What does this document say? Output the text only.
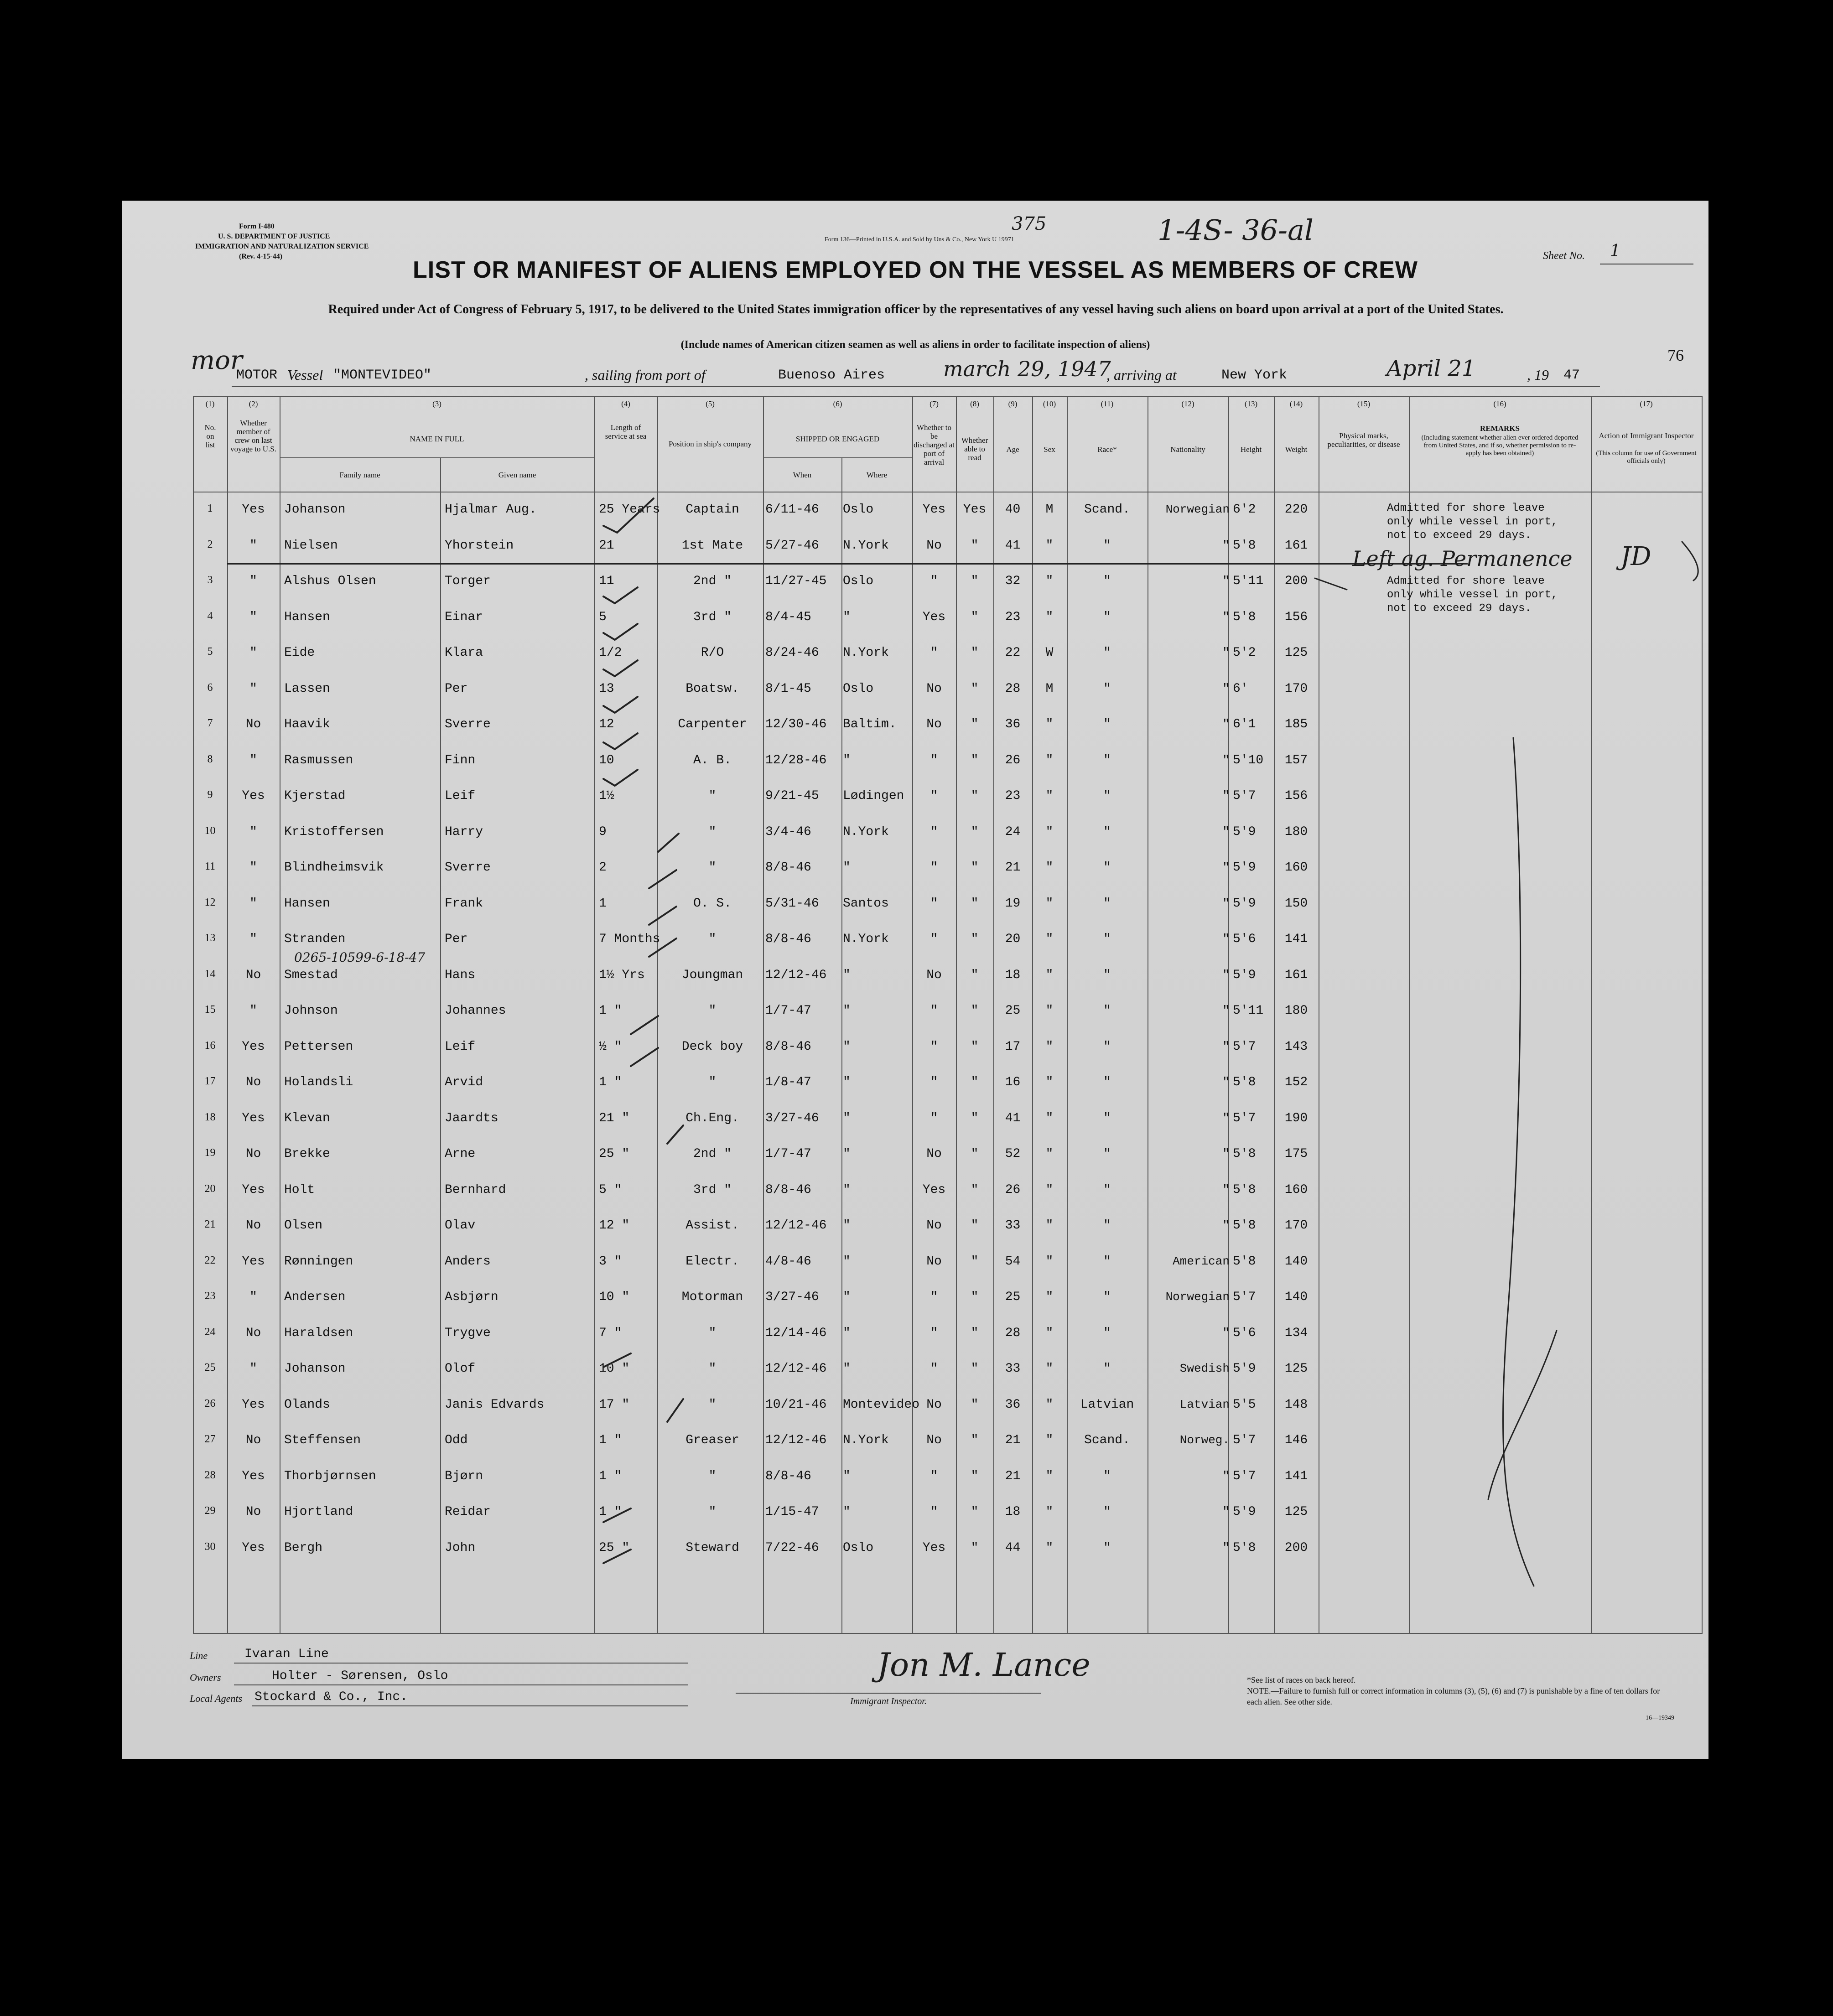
Form I-480
U. S. DEPARTMENT OF JUSTICE
IMMIGRATION AND NATURALIZATION SERVICE
(Rev. 4-15-44)
Form 136—Printed in U.S.A. and Sold by Uns & Co., New York U 19971
375	1-4S- 36-al
Sheet No. 1
LIST OR MANIFEST OF ALIENS EMPLOYED ON THE VESSEL AS MEMBERS OF CREW
Required under Act of Congress of February 5, 1917, to be delivered to the United States immigration officer by the representatives of any vessel having such aliens on board upon arrival at a port of the United States.
(Include names of American citizen seamen as well as aliens in order to facilitate inspection of aliens)
mor	76
MOTOR Vessel "MONTEVIDEO"	, sailing from port of	Buenoso Aires	march 29, 1947
, arriving at	New York	April 21	, 19 47
(1)	(2)	(3)	(4)	(5)	(6)	(7)	(8)	(9)	(10)	(11)	(12)	(13)	(14)	(15)	(16)	(17)
No. on list
Whether member of crew on last voyage to U.S.
NAME IN FULL
Family name	Given name
Length of service at sea
Position in ship's company
SHIPPED OR ENGAGED
When	Where
Whether to be discharged at port of arrival
Whether able to read
Age	Sex	Race*	Nationality	Height	Weight
Physical marks, peculiarities, or disease
REMARKS
(Including statement whether alien ever ordered deported from United States, and if so, whether permission to re-apply has been obtained)
Action of Immigrant Inspector
(This column for use of Government officials only)
1	Yes	Johanson	Hjalmar Aug.	25 Years	Captain	6/11-46	Oslo	Yes	Yes	40	M	Scand.	Norwegian 6'2	220
2	"	Nielsen	Yhorstein	21	1st Mate	5/27-46	N.York	No	"	41	"	"	" 5'8	161
3	"	Alshus Olsen	Torger	11	2nd "	11/27-45	Oslo	"	"	32	"	"	" 5'11	200
4	"	Hansen	Einar	5	3rd "	8/4-45	"	Yes	"	23	"	"	" 5'8	156
5	"	Eide	Klara	1/2	R/O	8/24-46	N.York	"	"	22	W	"	" 5'2	125
6	"	Lassen	Per	13	Boatsw.	8/1-45	Oslo	No	"	28	M	"	" 6'	170
7	No	Haavik	Sverre	12	Carpenter	12/30-46	Baltim.	No	"	36	"	"	" 6'1	185
8	"	Rasmussen	Finn	10	A. B.	12/28-46	"	"	"	26	"	"	" 5'10	157
9	Yes	Kjerstad	Leif	1½	"	9/21-45	Lødingen	"	"	23	"	"	" 5'7	156
10	"	Kristoffersen	Harry	9	"	3/4-46	N.York	"	"	24	"	"	" 5'9	180
11	"	Blindheimsvik	Sverre	2	"	8/8-46	"	"	"	21	"	"	" 5'9	160
12	"	Hansen	Frank	1	O. S.	5/31-46	Santos	"	"	19	"	"	" 5'9	150
13	"	Stranden	Per	7 Months	"	8/8-46	N.York	"	"	20	"	"	" 5'6	141
14	No	Smestad	Hans	1½ Yrs	Joungman	12/12-46	"	No	"	18	"	"	" 5'9	161
15	"	Johnson	Johannes	1 "	"	1/7-47	"	"	"	25	"	"	" 5'11	180
16	Yes	Pettersen	Leif	½ "	Deck boy	8/8-46	"	"	"	17	"	"	" 5'7	143
17	No	Holandsli	Arvid	1 "	"	1/8-47	"	"	"	16	"	"	" 5'8	152
18	Yes	Klevan	Jaardts	21 "	Ch.Eng.	3/27-46	"	"	"	41	"	"	" 5'7	190
19	No	Brekke	Arne	25 "	2nd "	1/7-47	"	No	"	52	"	"	" 5'8	175
20	Yes	Holt	Bernhard	5 "	3rd "	8/8-46	"	Yes	"	26	"	"	" 5'8	160
21	No	Olsen	Olav	12 "	Assist.	12/12-46	"	No	"	33	"	"	" 5'8	170
22	Yes	Rønningen	Anders	3 "	Electr.	4/8-46	"	No	"	54	"	"	American 5'8	140
23	"	Andersen	Asbjørn	10 "	Motorman	3/27-46	"	"	"	25	"	"	Norwegian 5'7	140
24	No	Haraldsen	Trygve	7 "	"	12/14-46	"	"	"	28	"	"	" 5'6	134
25	"	Johanson	Olof	10 "	"	12/12-46	"	"	"	33	"	"	Swedish 5'9	125
26	Yes	Olands	Janis Edvards	17 "	"	10/21-46	Montevideo No	"	36	"	Latvian	Latvian 5'5	148
27	No	Steffensen	Odd	1 "	Greaser	12/12-46	N.York	No	"	21	"	Scand.	Norweg. 5'7	146
28	Yes	Thorbjørnsen	Bjørn	1 "	"	8/8-46	"	"	"	21	"	"	" 5'7	141
29	No	Hjortland	Reidar	1 "	"	1/15-47	"	"	"	18	"	"	" 5'9	125
30	Yes	Bergh	John	25 "	Steward	7/22-46	Oslo	Yes	"	44	"	"	" 5'8	200
0265-10599-6-18-47
Admitted for shore leave only while vessel in port, not to exceed 29 days.
Left ag. Permanence JD
Admitted for shore leave only while vessel in port, not to exceed 29 days.
Line	Ivaran Line
Owners	Holter - Sørensen, Oslo
Local Agents Stockard & Co., Inc.
Jon M. Lance
Immigrant Inspector.
*See list of races on back hereof.
NOTE.—Failure to furnish full or correct information in columns (3), (5), (6) and (7) is punishable by a fine of ten dollars for each alien. See other side.
16—19349
